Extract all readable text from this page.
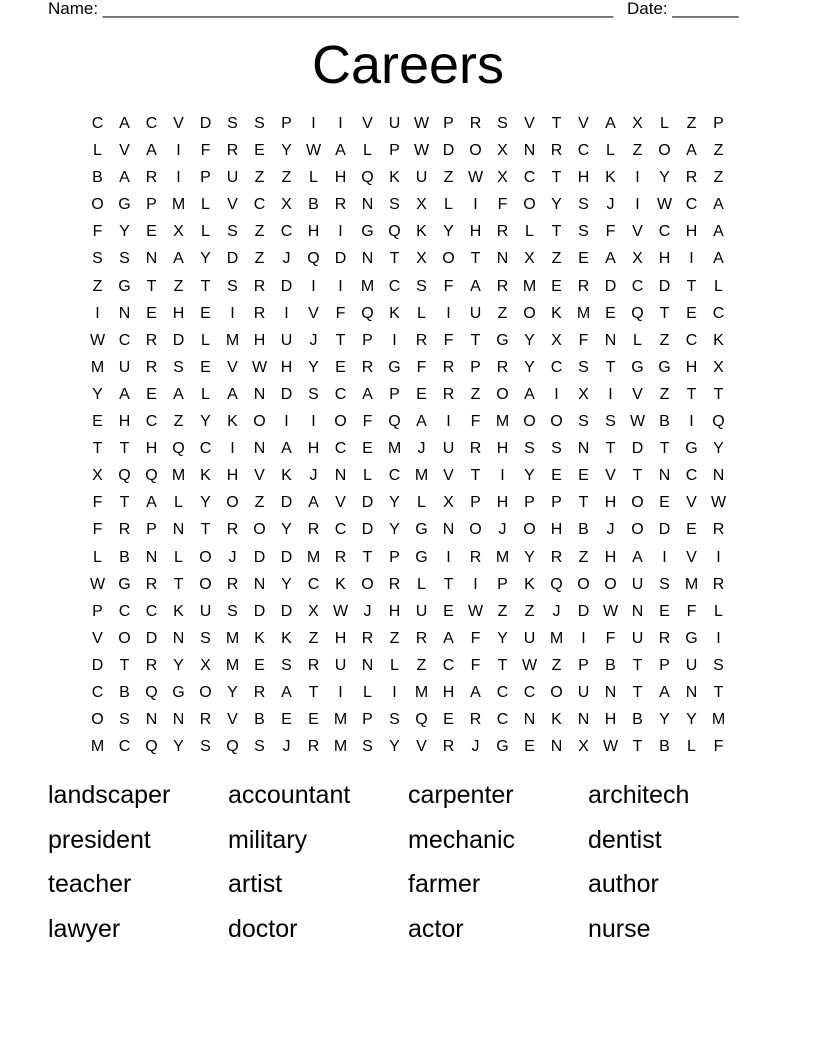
Name: ______________________________________________________ Date: _______
Careers
C A C V D S	S	P	I	I	V U W P R S	V	T	V	A	X	L	Z	P
L	V	A	I	F	R E	Y W A	L	P W D O X N R C	L	Z O A	Z
B	A R	I	P U	Z	Z	L	H Q K U	Z W X C	T	H K	I	Y R	Z
O G P M L	V C X	B R N S	X	L	I	F O Y	S	J	I	W C A
F	Y	E	X	L	S	Z	C H	I	G Q K	Y H R	L	T	S	F	V C H A
S	S N A	Y D	Z	J	Q D N	T	X O T	N X	Z	E	A	X H	I	A
Z G T	Z	T	S R D	I	I	M C S	F	A R M E R D C D	T	L
I	N E H E	I	R	I	V	F Q K	L	I	U	Z O K M E Q T	E C
W C R D	L M H U	J	T	P	I	R	F	T G Y	X	F	N	L	Z	C K
M U R S	E	V W H Y	E R G F	R P R Y C S	T G G H X
Y	A	E	A	L	A N D S C A	P	E R	Z O A	I	X	I	V	Z	T	T
E H C	Z	Y	K O	I	I	O F Q A	I	F M O O S	S W B	I	Q
T	T	H Q C	I	N A H C E M	J	U R H S	S N	T	D	T G Y
X Q Q M K H V	K	J	N	L	C M V	T	I	Y	E	E	V	T	N C N
F	T	A	L	Y O Z	D A	V D Y	L	X	P H P	P	T	H O E	V W
F	R P N	T	R O Y R C D Y G N O	J	O H B	J	O D E R
L	B N	L	O	J	D D M R	T	P G	I	R M Y R	Z	H A	I	V	I
W G R	T O R N Y C K O R	L	T	I	P	K Q O O U S M R
P C C K U S D D X W J	H U E W Z	Z	J	D W N E	F	L
V O D N S M K	K	Z	H R	Z	R A	F	Y U M	I	F	U R G	I
D	T	R Y	X M E	S R U N	L	Z	C	F	T W Z	P	B	T	P U S
C B Q G O Y R A	T	I	L	I	M H A C C O U N	T	A N	T
O S N N R V	B	E	E M P	S Q E R C N K N H B	Y	Y M
M C Q Y	S Q S	J	R M S	Y	V R	J	G E N X W T	B	L	F
landscaper	accountant	carpenter	architech
president	military	mechanic	dentist
teacher	artist	farmer	author
lawyer	doctor	actor	nurse
